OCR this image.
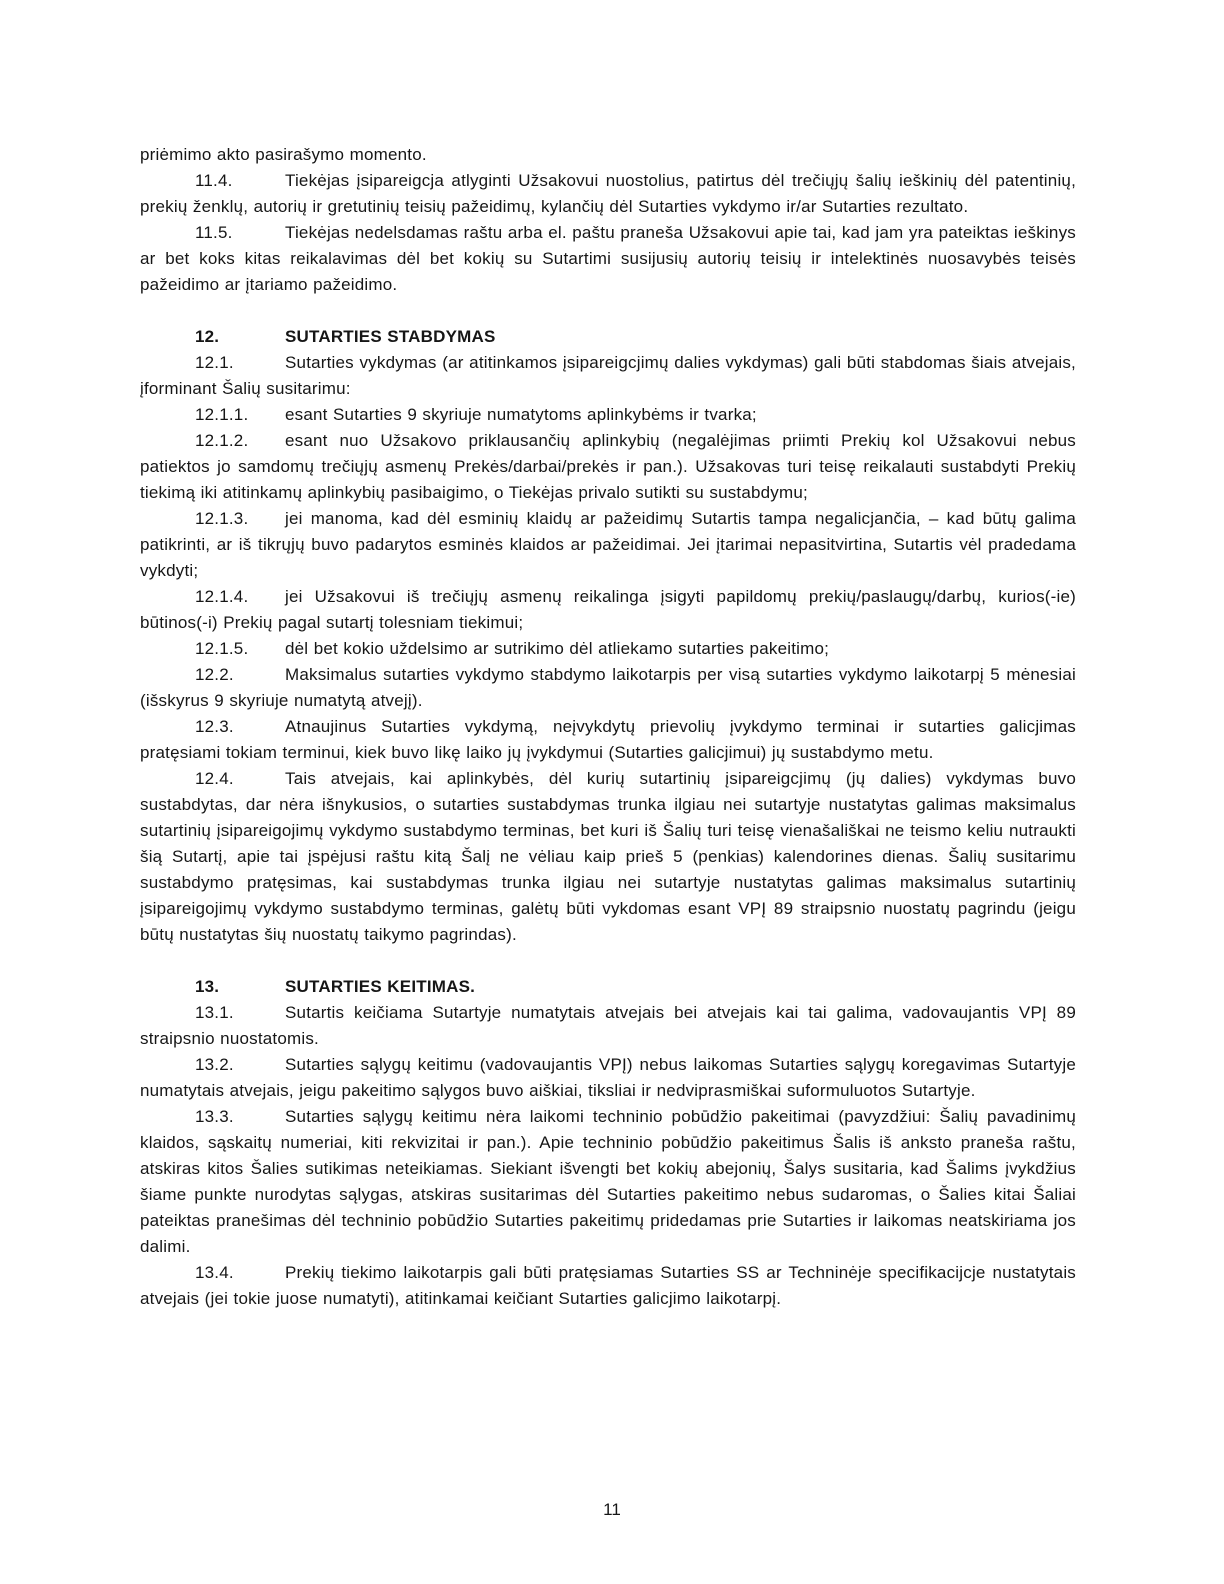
priėmimo akto pasirašymo momento.

11.4.	Tiekėjas įsipareigcja atlyginti Užsakovui nuostolius, patirtus dėl trečiųjų šalių ieškinių dėl patentinių, prekių ženklų, autorių ir gretutinių teisių pažeidimų, kylančių dėl Sutarties vykdymo ir/ar Sutarties rezultato.

11.5.	Tiekėjas nedelsdamas raštu arba el. paštu praneša Užsakovui apie tai, kad jam yra pateiktas ieškinys ar bet koks kitas reikalavimas dėl bet kokių su Sutartimi susijusių autorių teisių ir intelektinės nuosavybės teisės pažeidimo ar įtariamo pažeidimo.

12.	SUTARTIES STABDYMAS

12.1.	Sutarties vykdymas (ar atitinkamos įsipareigcjimų dalies vykdymas) gali būti stabdomas šiais atvejais, įforminant Šalių susitarimu:

12.1.1. esant Sutarties 9 skyriuje numatytoms aplinkybėms ir tvarka;

12.1.2. esant nuo Užsakovo priklausančių aplinkybių (negalėjimas priimti Prekių kol Užsakovui nebus patiektos jo samdomų trečiųjų asmenų Prekės/darbai/prekės ir pan.). Užsakovas turi teisę reikalauti sustabdyti Prekių tiekimą iki atitinkamų aplinkybių pasibaigimo, o Tiekėjas privalo sutikti su sustabdymu;

12.1.3. jei manoma, kad dėl esminių klaidų ar pažeidimų Sutartis tampa negalicjančia, – kad būtų galima patikrinti, ar iš tikrųjų buvo padarytos esminės klaidos ar pažeidimai. Jei įtarimai nepasitvirtina, Sutartis vėl pradedama vykdyti;

12.1.4. jei Užsakovui iš trečiųjų asmenų reikalinga įsigyti papildomų prekių/paslaugų/darbų, kurios(-ie) būtinos(-i) Prekių pagal sutartį tolesniam tiekimui;

12.1.5. dėl bet kokio uždelsimo ar sutrikimo dėl atliekamo sutarties pakeitimo;

12.2.	Maksimalus sutarties vykdymo stabdymo laikotarpis per visą sutarties vykdymo laikotarpį 5 mėnesiai (išskyrus 9 skyriuje numatytą atvejį).

12.3.	Atnaujinus Sutarties vykdymą, neįvykdytų prievolių įvykdymo terminai ir sutarties galicjimas pratęsiami tokiam terminui, kiek buvo likę laiko jų įvykdymui (Sutarties galicjimui) jų sustabdymo metu.

12.4.	Tais atvejais, kai aplinkybės, dėl kurių sutartinių įsipareigcjimų (jų dalies) vykdymas buvo sustabdytas, dar nėra išnykusios, o sutarties sustabdymas trunka ilgiau nei sutartyje nustatytas galimas maksimalus sutartinių įsipareigojimų vykdymo sustabdymo terminas, bet kuri iš Šalių turi teisę vienašališkai ne teismo keliu nutraukti šią Sutartį, apie tai įspėjusi raštu kitą Šalį ne vėliau kaip prieš 5 (penkias) kalendorines dienas. Šalių susitarimu sustabdymo pratęsimas, kai sustabdymas trunka ilgiau nei sutartyje nustatytas galimas maksimalus sutartinių įsipareigojimų vykdymo sustabdymo terminas, galėtų būti vykdomas esant VPĮ 89 straipsnio nuostatų pagrindu (jeigu būtų nustatytas šių nuostatų taikymo pagrindas).

13.	SUTARTIES KEITIMAS.

13.1.	Sutartis keičiama Sutartyje numatytais atvejais bei atvejais kai tai galima, vadovaujantis VPĮ 89 straipsnio nuostatomis.

13.2.	Sutarties sąlygų keitimu (vadovaujantis VPĮ) nebus laikomas Sutarties sąlygų koregavimas Sutartyje numatytais atvejais, jeigu pakeitimo sąlygos buvo aiškiai, tiksliai ir nedviprasmiškai suformuluotos Sutartyje.

13.3.	Sutarties sąlygų keitimu nėra laikomi techninio pobūdžio pakeitimai (pavyzdžiui: Šalių pavadinimų klaidos, sąskaitų numeriai, kiti rekvizitai ir pan.). Apie techninio pobūdžio pakeitimus Šalis iš anksto praneša raštu, atskiras kitos Šalies sutikimas neteikiamas. Siekiant išvengti bet kokių abejonių, Šalys susitaria, kad Šalims įvykdžius šiame punkte nurodytas sąlygas, atskiras susitarimas dėl Sutarties pakeitimo nebus sudaromas, o Šalies kitai Šaliai pateiktas pranešimas dėl techninio pobūdžio Sutarties pakeitimų pridedamas prie Sutarties ir laikomas neatskiriama jos dalimi.

13.4.	Prekių tiekimo laikotarpis gali būti pratęsiamas Sutarties SS ar Techninėje specifikacijcje nustatytais atvejais (jei tokie juose numatyti), atitinkamai keičiant Sutarties galicjimo laikotarpį.

11
